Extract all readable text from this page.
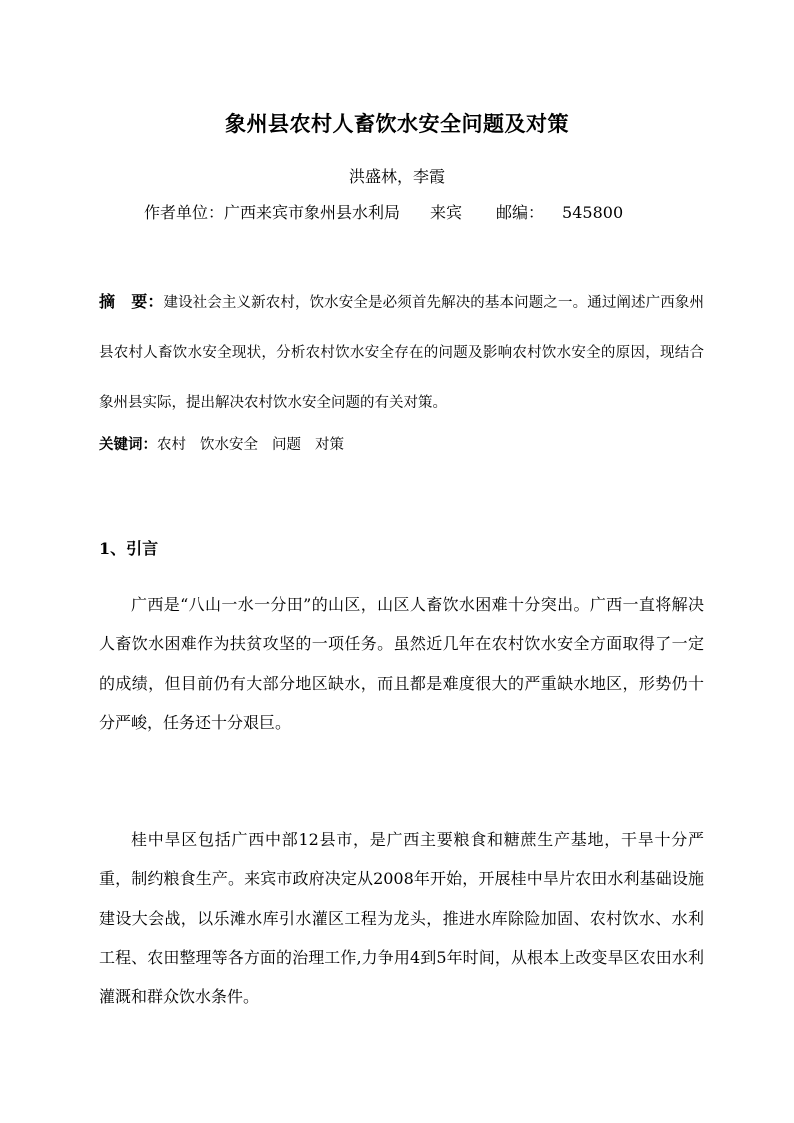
象州县农村人畜饮水安全问题及对策
洪盛林，李霞
作者单位：广西来宾市象州县水利局 来宾 邮编： 545800
摘　要：建设社会主义新农村，饮水安全是必须首先解决的基本问题之一。通过阐述广西象州县农村人畜饮水安全现状，分析农村饮水安全存在的问题及影响农村饮水安全的原因，现结合象州县实际，提出解决农村饮水安全问题的有关对策。
关键词：农村 饮水安全 问题 对策
1、引言
广西是“八山一水一分田”的山区，山区人畜饮水困难十分突出。广西一直将解决人畜饮水困难作为扶贫攻坚的一项任务。虽然近几年在农村饮水安全方面取得了一定的成绩，但目前仍有大部分地区缺水，而且都是难度很大的严重缺水地区，形势仍十分严峻，任务还十分艰巨。
桂中旱区包括广西中部12县市，是广西主要粮食和糖蔗生产基地，干旱十分严重，制约粮食生产。来宾市政府决定从2008年开始，开展桂中旱片农田水利基础设施建设大会战，以乐滩水库引水灌区工程为龙头，推进水库除险加固、农村饮水、水利工程、农田整理等各方面的治理工作,力争用4到5年时间，从根本上改变旱区农田水利灌溉和群众饮水条件。
